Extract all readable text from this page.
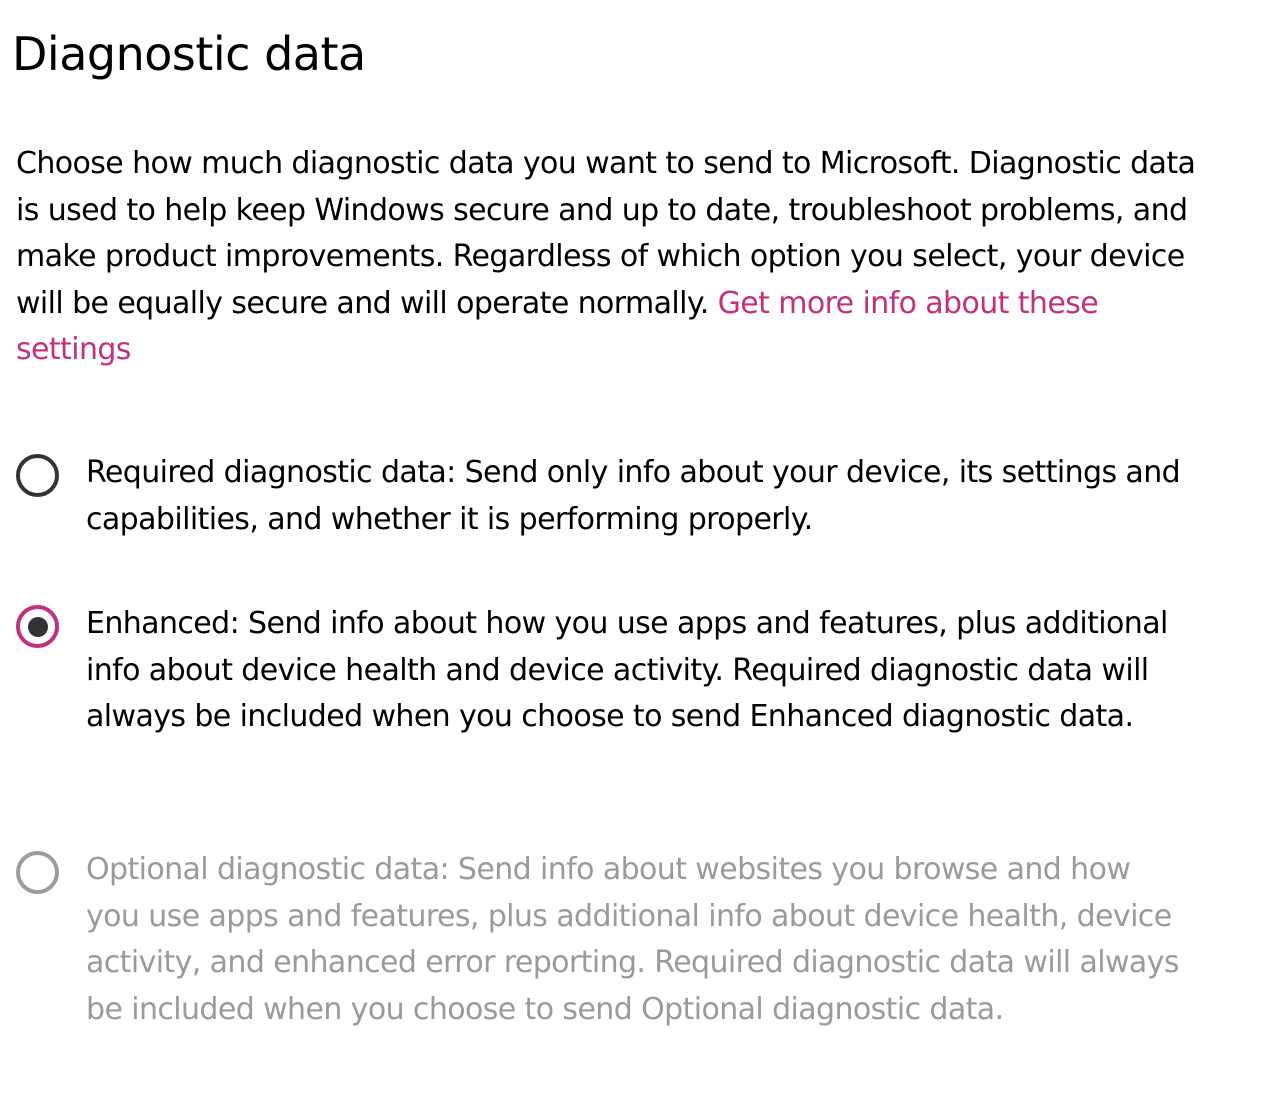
Diagnostic data

Choose how much diagnostic data you want to send to Microsoft. Diagnostic data is used to help keep Windows secure and up to date, troubleshoot problems, and make product improvements. Regardless of which option you select, your device will be equally secure and will operate normally. Get more info about these settings

Required diagnostic data: Send only info about your device, its settings and capabilities, and whether it is performing properly.
Enhanced: Send info about how you use apps and features, plus additional info about device health and device activity. Required diagnostic data will always be included when you choose to send Enhanced diagnostic data.
Optional diagnostic data: Send info about websites you browse and how you use apps and features, plus additional info about device health, device activity, and enhanced error reporting. Required diagnostic data will always be included when you choose to send Optional diagnostic data.
